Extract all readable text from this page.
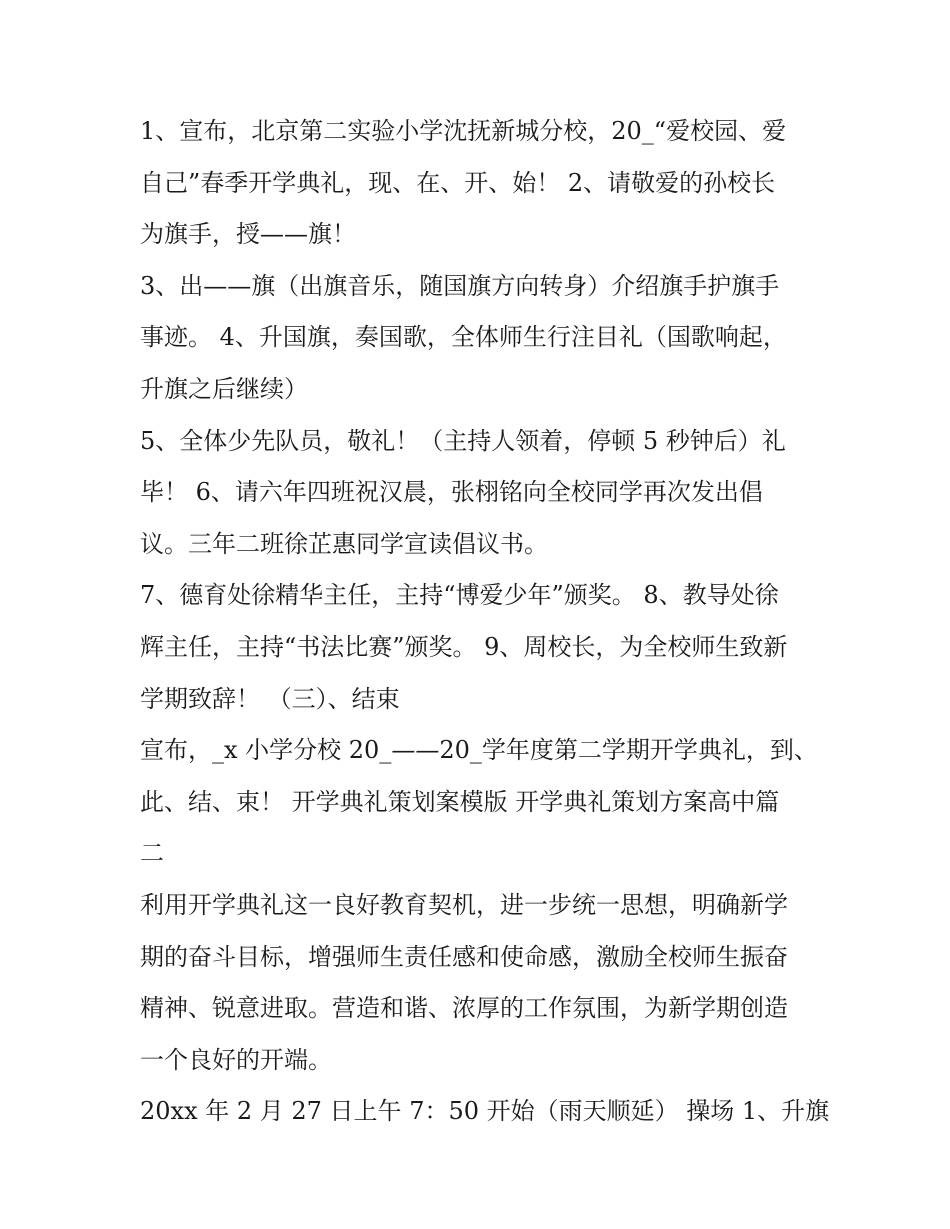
1、宣布，北京第二实验小学沈抚新城分校，20_“爱校园、爱
自己”春季开学典礼，现、在、开、始！ 2、请敬爱的孙校长
为旗手，授——旗！
3、出——旗（出旗音乐，随国旗方向转身）介绍旗手护旗手
事迹。 4、升国旗，奏国歌，全体师生行注目礼（国歌响起，
升旗之后继续）
5、全体少先队员，敬礼！（主持人领着，停顿 5 秒钟后）礼
毕！ 6、请六年四班祝汉晨，张栩铭向全校同学再次发出倡
议。三年二班徐芷惠同学宣读倡议书。
7、德育处徐精华主任，主持“博爱少年”颁奖。 8、教导处徐
辉主任，主持“书法比赛”颁奖。 9、周校长，为全校师生致新
学期致辞！ （三）、结束
宣布，_x 小学分校 20_——20_学年度第二学期开学典礼，到、
此、结、束！ 开学典礼策划案模版 开学典礼策划方案高中篇
二
利用开学典礼这一良好教育契机，进一步统一思想，明确新学
期的奋斗目标，增强师生责任感和使命感，激励全校师生振奋
精神、锐意进取。营造和谐、浓厚的工作氛围，为新学期创造
一个良好的开端。
20xx 年 2 月 27 日上午 7：50 开始（雨天顺延） 操场 1、升旗
